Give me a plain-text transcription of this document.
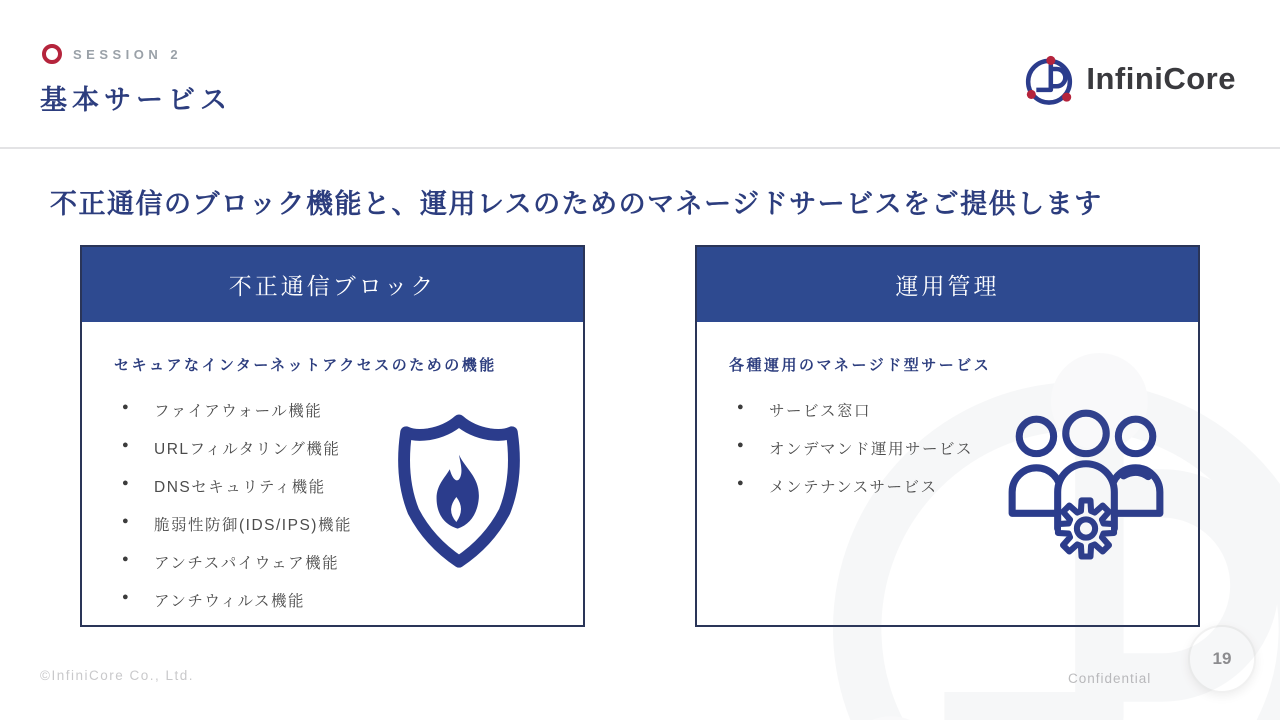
SESSION 2
基本サービス
InfiniCore
不正通信のブロック機能と、運用レスのためのマネージドサービスをご提供します
不正通信ブロック
セキュアなインターネットアクセスのための機能
● ファイアウォール機能
● URLフィルタリング機能
● DNSセキュリティ機能
● 脆弱性防御(IDS/IPS)機能
● アンチスパイウェア機能
● アンチウィルス機能
運用管理
各種運用のマネージド型サービス
● サービス窓口
● オンデマンド運用サービス
● メンテナンスサービス
©InfiniCore Co., Ltd.	Confidential
19
